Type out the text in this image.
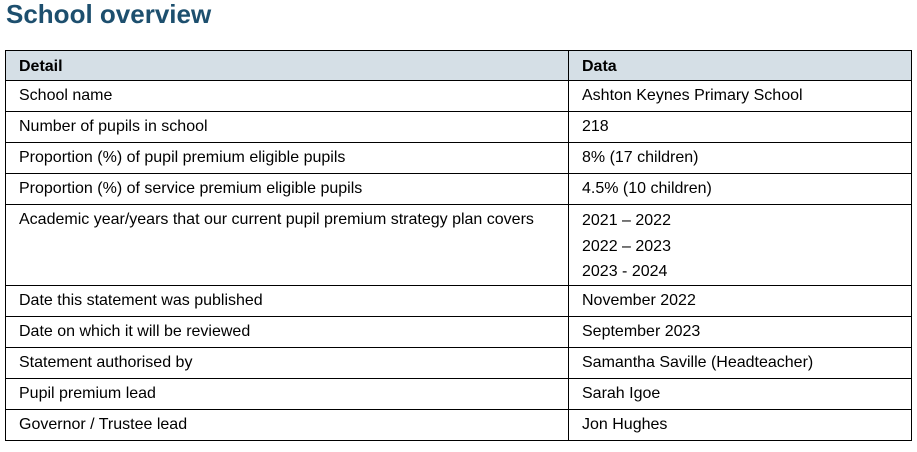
School overview
Detail	Data
School name	Ashton Keynes Primary School
Number of pupils in school	218
Proportion (%) of pupil premium eligible pupils	8% (17 children)
Proportion (%) of service premium eligible pupils	4.5% (10 children)
Academic year/years that our current pupil premium strategy plan covers	2021 – 2022
2022 – 2023
2023 - 2024

Date this statement was published	November 2022
Date on which it will be reviewed	September 2023
Statement authorised by	Samantha Saville (Headteacher)
Pupil premium lead	Sarah Igoe
Governor / Trustee lead	Jon Hughes
